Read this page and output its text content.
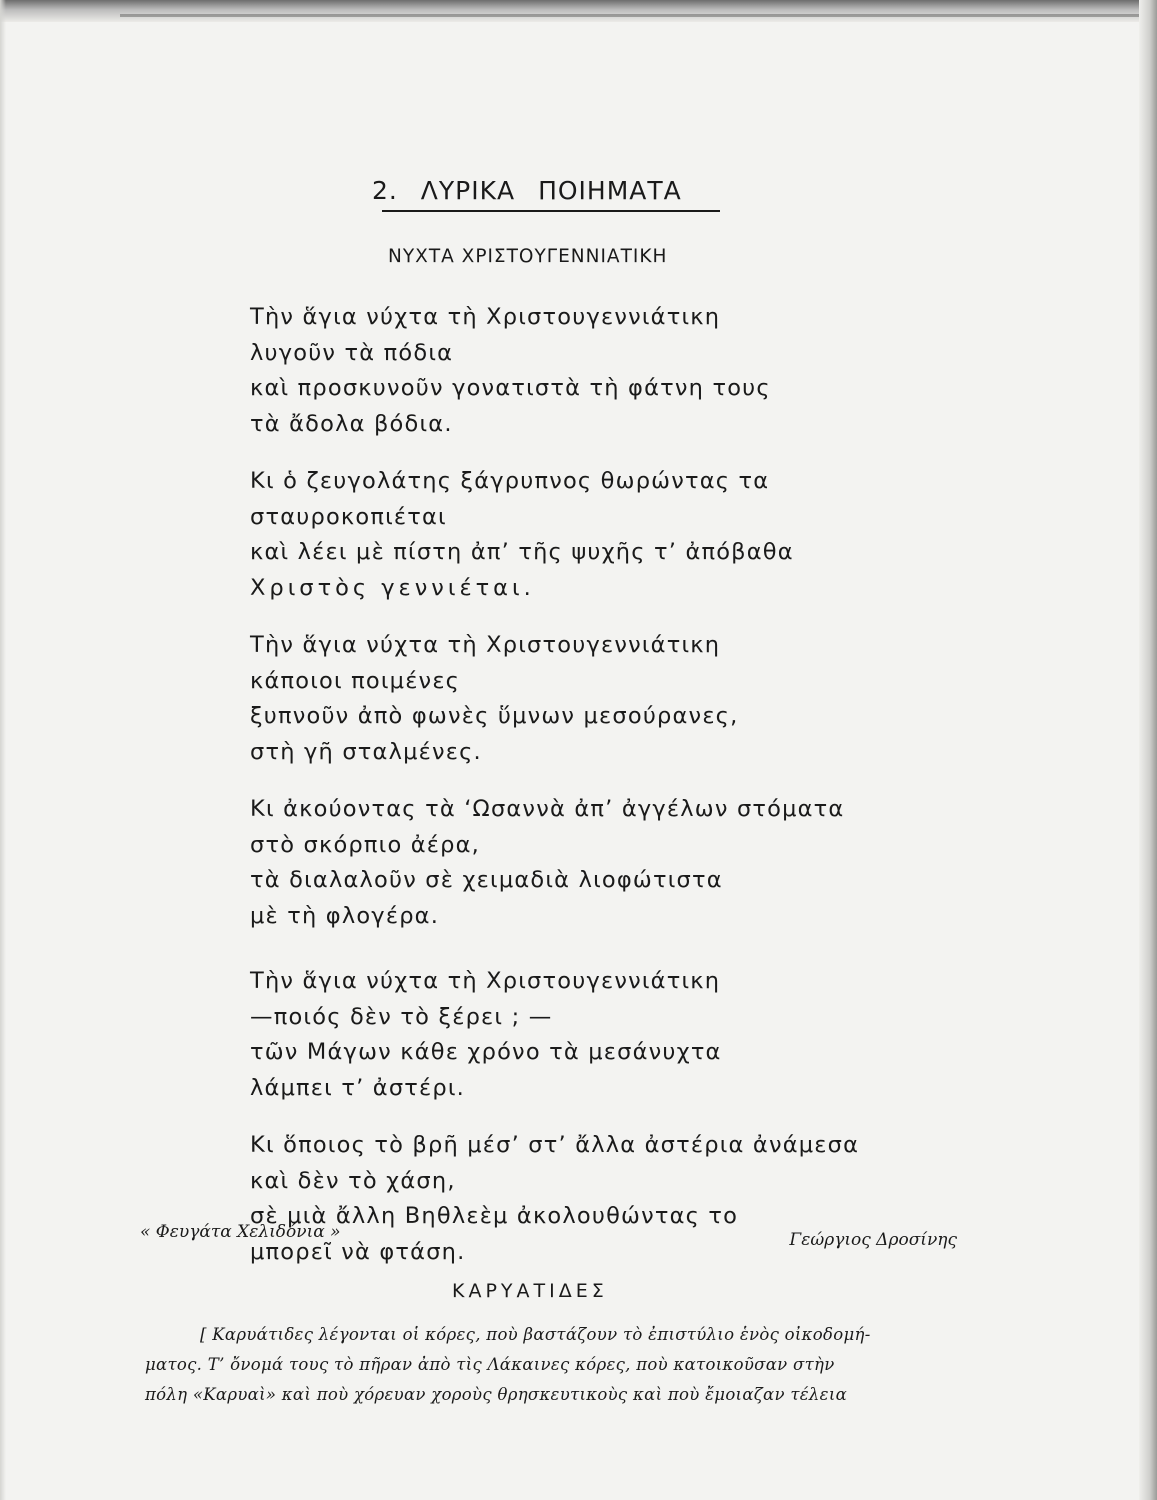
2. ΛΥΡΙΚΑ ΠΟΙΗΜΑΤΑ
ΝΥΧΤΑ ΧΡΙΣΤΟΥΓΕΝΝΙΑΤΙΚΗ
Τὴν ἅγια νύχτα τὴ Χριστουγεννιάτικη
λυγοῦν τὰ πόδια
καὶ προσκυνοῦν γονατιστὰ τὴ φάτνη τους
τὰ ἄδολα βόδια.
Κι ὁ ζευγολάτης ξάγρυπνος θωρώντας τα
σταυροκοπιέται
καὶ λέει μὲ πίστη ἀπ’ τῆς ψυχῆς τ’ ἀπόβαθα
Χριστὸς γεννιέται.
Τὴν ἅγια νύχτα τὴ Χριστουγεννιάτικη
κάποιοι ποιμένες
ξυπνοῦν ἀπὸ φωνὲς ὕμνων μεσούρανες,
στὴ γῆ σταλμένες.
Κι ἀκούοντας τὰ ‘Ωσαννὰ ἀπ’ ἀγγέλων στόματα
στὸ σκόρπιο ἀέρα,
τὰ διαλαλοῦν σὲ χειμαδιὰ λιοφώτιστα
μὲ τὴ φλογέρα.
Τὴν ἅγια νύχτα τὴ Χριστουγεννιάτικη
—ποιός δὲν τὸ ξέρει ; —
τῶν Μάγων κάθε χρόνο τὰ μεσάνυχτα
λάμπει τ’ ἀστέρι.
Κι ὅποιος τὸ βρῆ μέσ’ στ’ ἄλλα ἀστέρια ἀνάμεσα
καὶ δὲν τὸ χάση,
σὲ μιὰ ἄλλη Βηθλεὲμ ἀκολουθώντας το
μπορεῖ νὰ φτάση.
« Φευγάτα Χελιδόνια »	Γεώργιος Δροσίνης
ΚΑΡΥΑΤΙΔΕΣ
[ Καρυάτιδες λέγονται οἱ κόρες, ποὺ βαστάζουν τὸ ἐπιστύλιο ἑνὸς οἰκοδομή-
ματος. Τ’ ὄνομά τους τὸ πῆραν ἀπὸ τὶς Λάκαινες κόρες, ποὺ κατοικοῦσαν στὴν
πόλη «Καρυαὶ» καὶ ποὺ χόρευαν χοροὺς θρησκευτικοὺς καὶ ποὺ ἔμοιαζαν τέλεια
